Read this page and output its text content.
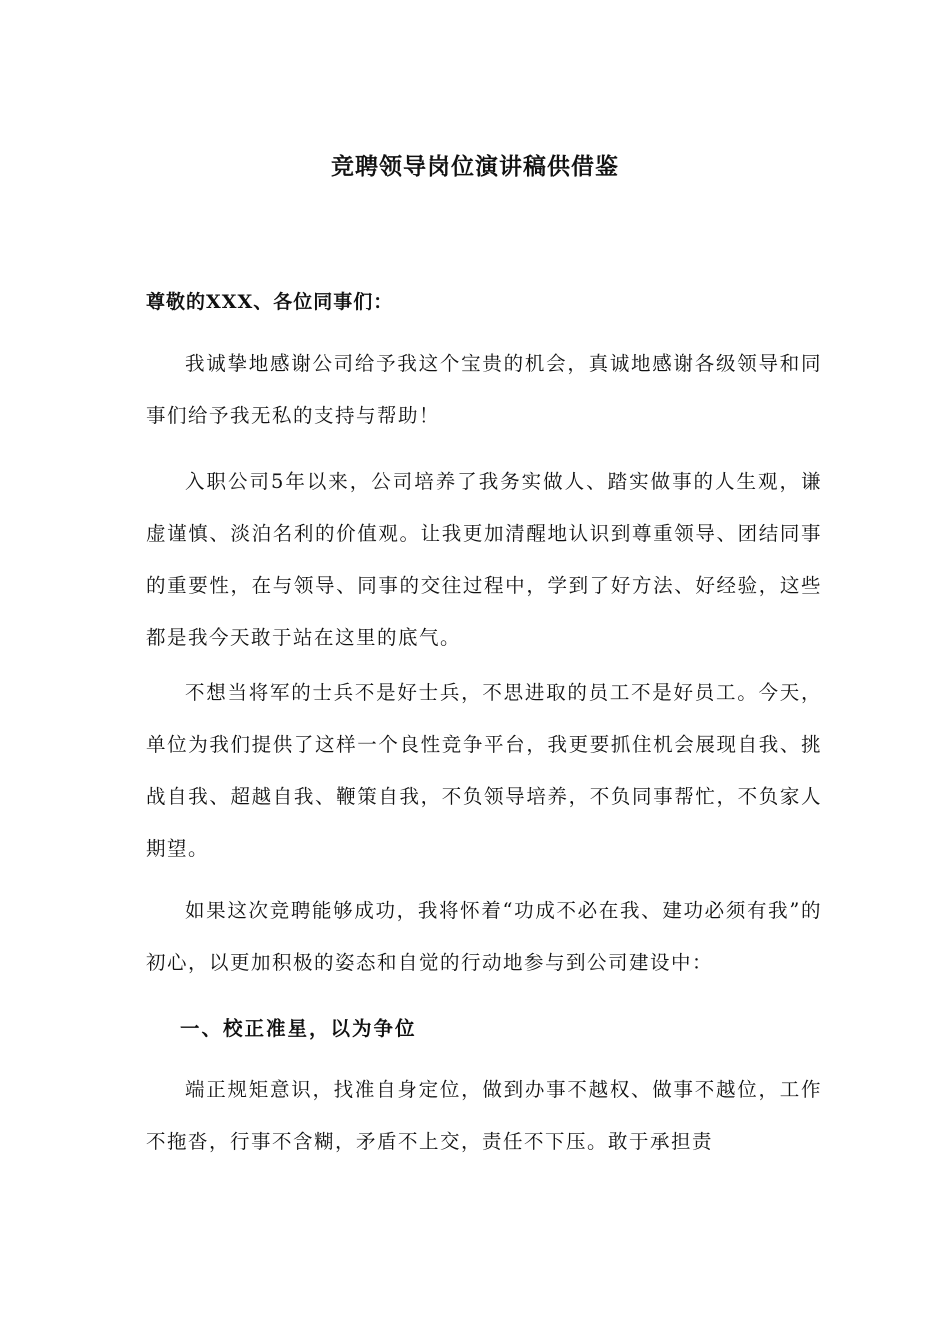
竞聘领导岗位演讲稿供借鉴
尊敬的XXX、各位同事们：

我诚挚地感谢公司给予我这个宝贵的机会，真诚地感谢各级领导和同事们给予我无私的支持与帮助！

入职公司5年以来，公司培养了我务实做人、踏实做事的人生观，谦虚谨慎、淡泊名利的价值观。让我更加清醒地认识到尊重领导、团结同事的重要性，在与领导、同事的交往过程中，学到了好方法、好经验，这些都是我今天敢于站在这里的底气。

不想当将军的士兵不是好士兵，不思进取的员工不是好员工。今天，单位为我们提供了这样一个良性竞争平台，我更要抓住机会展现自我、挑战自我、超越自我、鞭策自我，不负领导培养，不负同事帮忙，不负家人期望。

如果这次竞聘能够成功，我将怀着“功成不必在我、建功必须有我”的初心，以更加积极的姿态和自觉的行动地参与到公司建设中：

一、校正准星，以为争位

端正规矩意识，找准自身定位，做到办事不越权、做事不越位，工作不拖沓，行事不含糊，矛盾不上交，责任不下压。敢于承担责
